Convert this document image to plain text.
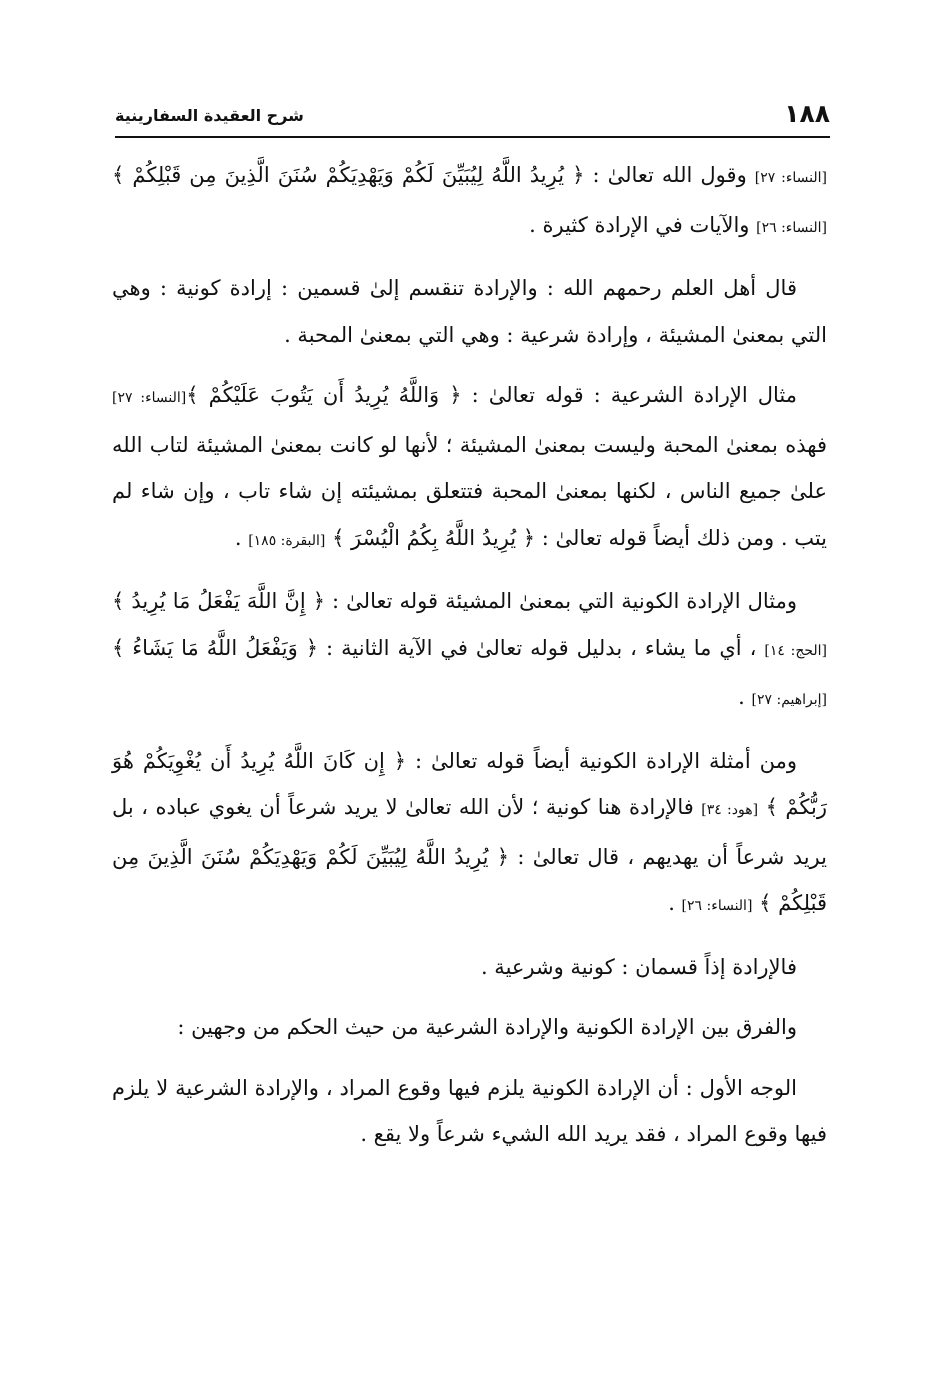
١٨٨
شرح العقيدة السفارينية

[النساء: ٢٧] وقول الله تعالىٰ : ﴿ يُرِيدُ اللَّهُ لِيُبَيِّنَ لَكُمْ وَيَهْدِيَكُمْ سُنَنَ الَّذِينَ مِن قَبْلِكُمْ ﴾ [النساء: ٢٦] والآيات في الإرادة كثيرة .

قال أهل العلم رحمهم الله : والإرادة تنقسم إلىٰ قسمين : إرادة كونية : وهي التي بمعنىٰ المشيئة ، وإرادة شرعية : وهي التي بمعنىٰ المحبة .

مثال الإرادة الشرعية : قوله تعالىٰ : ﴿ وَاللَّهُ يُرِيدُ أَن يَتُوبَ عَلَيْكُمْ ﴾[النساء: ٢٧] فهذه بمعنىٰ المحبة وليست بمعنىٰ المشيئة ؛ لأنها لو كانت بمعنىٰ المشيئة لتاب الله علىٰ جميع الناس ، لكنها بمعنىٰ المحبة فتتعلق بمشيئته إن شاء تاب ، وإن شاء لم يتب . ومن ذلك أيضاً قوله تعالىٰ : ﴿ يُرِيدُ اللَّهُ بِكُمُ الْيُسْرَ ﴾ [البقرة: ١٨٥] .

ومثال الإرادة الكونية التي بمعنىٰ المشيئة قوله تعالىٰ : ﴿ إِنَّ اللَّهَ يَفْعَلُ مَا يُرِيدُ ﴾ [الحج: ١٤] ، أي ما يشاء ، بدليل قوله تعالىٰ في الآية الثانية : ﴿ وَيَفْعَلُ اللَّهُ مَا يَشَاءُ ﴾ [إبراهيم: ٢٧] .

ومن أمثلة الإرادة الكونية أيضاً قوله تعالىٰ : ﴿ إِن كَانَ اللَّهُ يُرِيدُ أَن يُغْوِيَكُمْ هُوَ رَبُّكُمْ ﴾ [هود: ٣٤] فالإرادة هنا كونية ؛ لأن الله تعالىٰ لا يريد شرعاً أن يغوي عباده ، بل يريد شرعاً أن يهديهم ، قال تعالىٰ : ﴿ يُرِيدُ اللَّهُ لِيُبَيِّنَ لَكُمْ وَيَهْدِيَكُمْ سُنَنَ الَّذِينَ مِن قَبْلِكُمْ ﴾ [النساء: ٢٦] .

فالإرادة إذاً قسمان : كونية وشرعية .

والفرق بين الإرادة الكونية والإرادة الشرعية من حيث الحكم من وجهين :

الوجه الأول : أن الإرادة الكونية يلزم فيها وقوع المراد ، والإرادة الشرعية لا يلزم فيها وقوع المراد ، فقد يريد الله الشيء شرعاً ولا يقع .
